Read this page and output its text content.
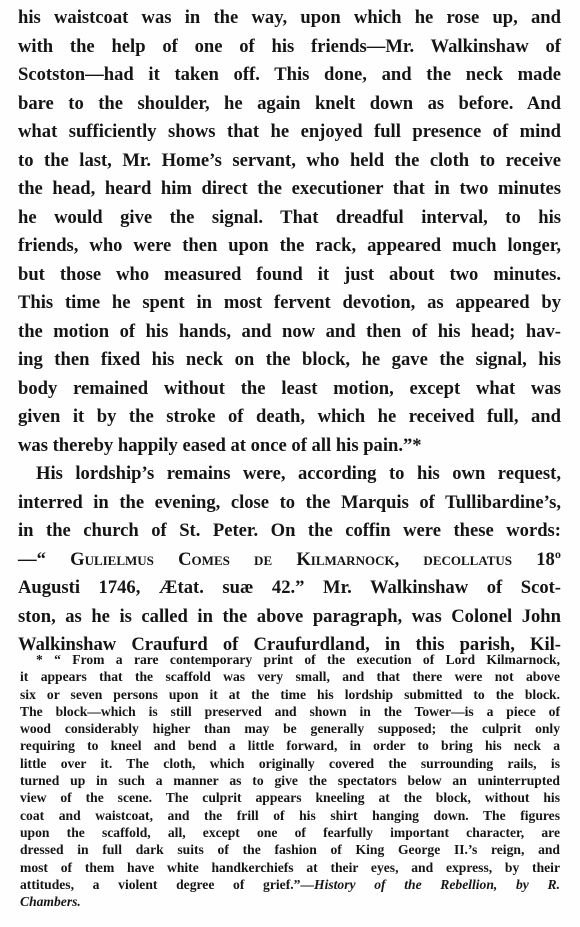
his waistcoat was in the way, upon which he rose up, and
with the help of one of his friends—Mr. Walkinshaw of
Scotston—had it taken off. This done, and the neck made
bare to the shoulder, he again knelt down as before. And
what sufficiently shows that he enjoyed full presence of mind
to the last, Mr. Home’s servant, who held the cloth to receive
the head, heard him direct the executioner that in two minutes
he would give the signal. That dreadful interval, to his
friends, who were then upon the rack, appeared much longer,
but those who measured found it just about two minutes.
This time he spent in most fervent devotion, as appeared by
the motion of his hands, and now and then of his head; hav-
ing then fixed his neck on the block, he gave the signal, his
body remained without the least motion, except what was
given it by the stroke of death, which he received full, and
was thereby happily eased at once of all his pain.”*
His lordship’s remains were, according to his own request,
interred in the evening, close to the Marquis of Tullibardine’s,
in the church of St. Peter. On the coffin were these words:
—“ Gulielmus Comes de Kilmarnock, decollatus 18º
Augusti 1746, Ætat. suæ 42.” Mr. Walkinshaw of Scot-
ston, as he is called in the above paragraph, was Colonel John
Walkinshaw Craufurd of Craufurdland, in this parish, Kil-
* “ From a rare contemporary print of the execution of Lord Kilmarnock,
it appears that the scaffold was very small, and that there were not above
six or seven persons upon it at the time his lordship submitted to the block.
The block—which is still preserved and shown in the Tower—is a piece of
wood considerably higher than may be generally supposed; the culprit only
requiring to kneel and bend a little forward, in order to bring his neck a
little over it. The cloth, which originally covered the surrounding rails, is
turned up in such a manner as to give the spectators below an uninterrupted
view of the scene. The culprit appears kneeling at the block, without his
coat and waistcoat, and the frill of his shirt hanging down. The figures
upon the scaffold, all, except one of fearfully important character, are
dressed in full dark suits of the fashion of King George II.’s reign, and
most of them have white handkerchiefs at their eyes, and express, by their
attitudes, a violent degree of grief.”—History of the Rebellion, by R.
Chambers.
